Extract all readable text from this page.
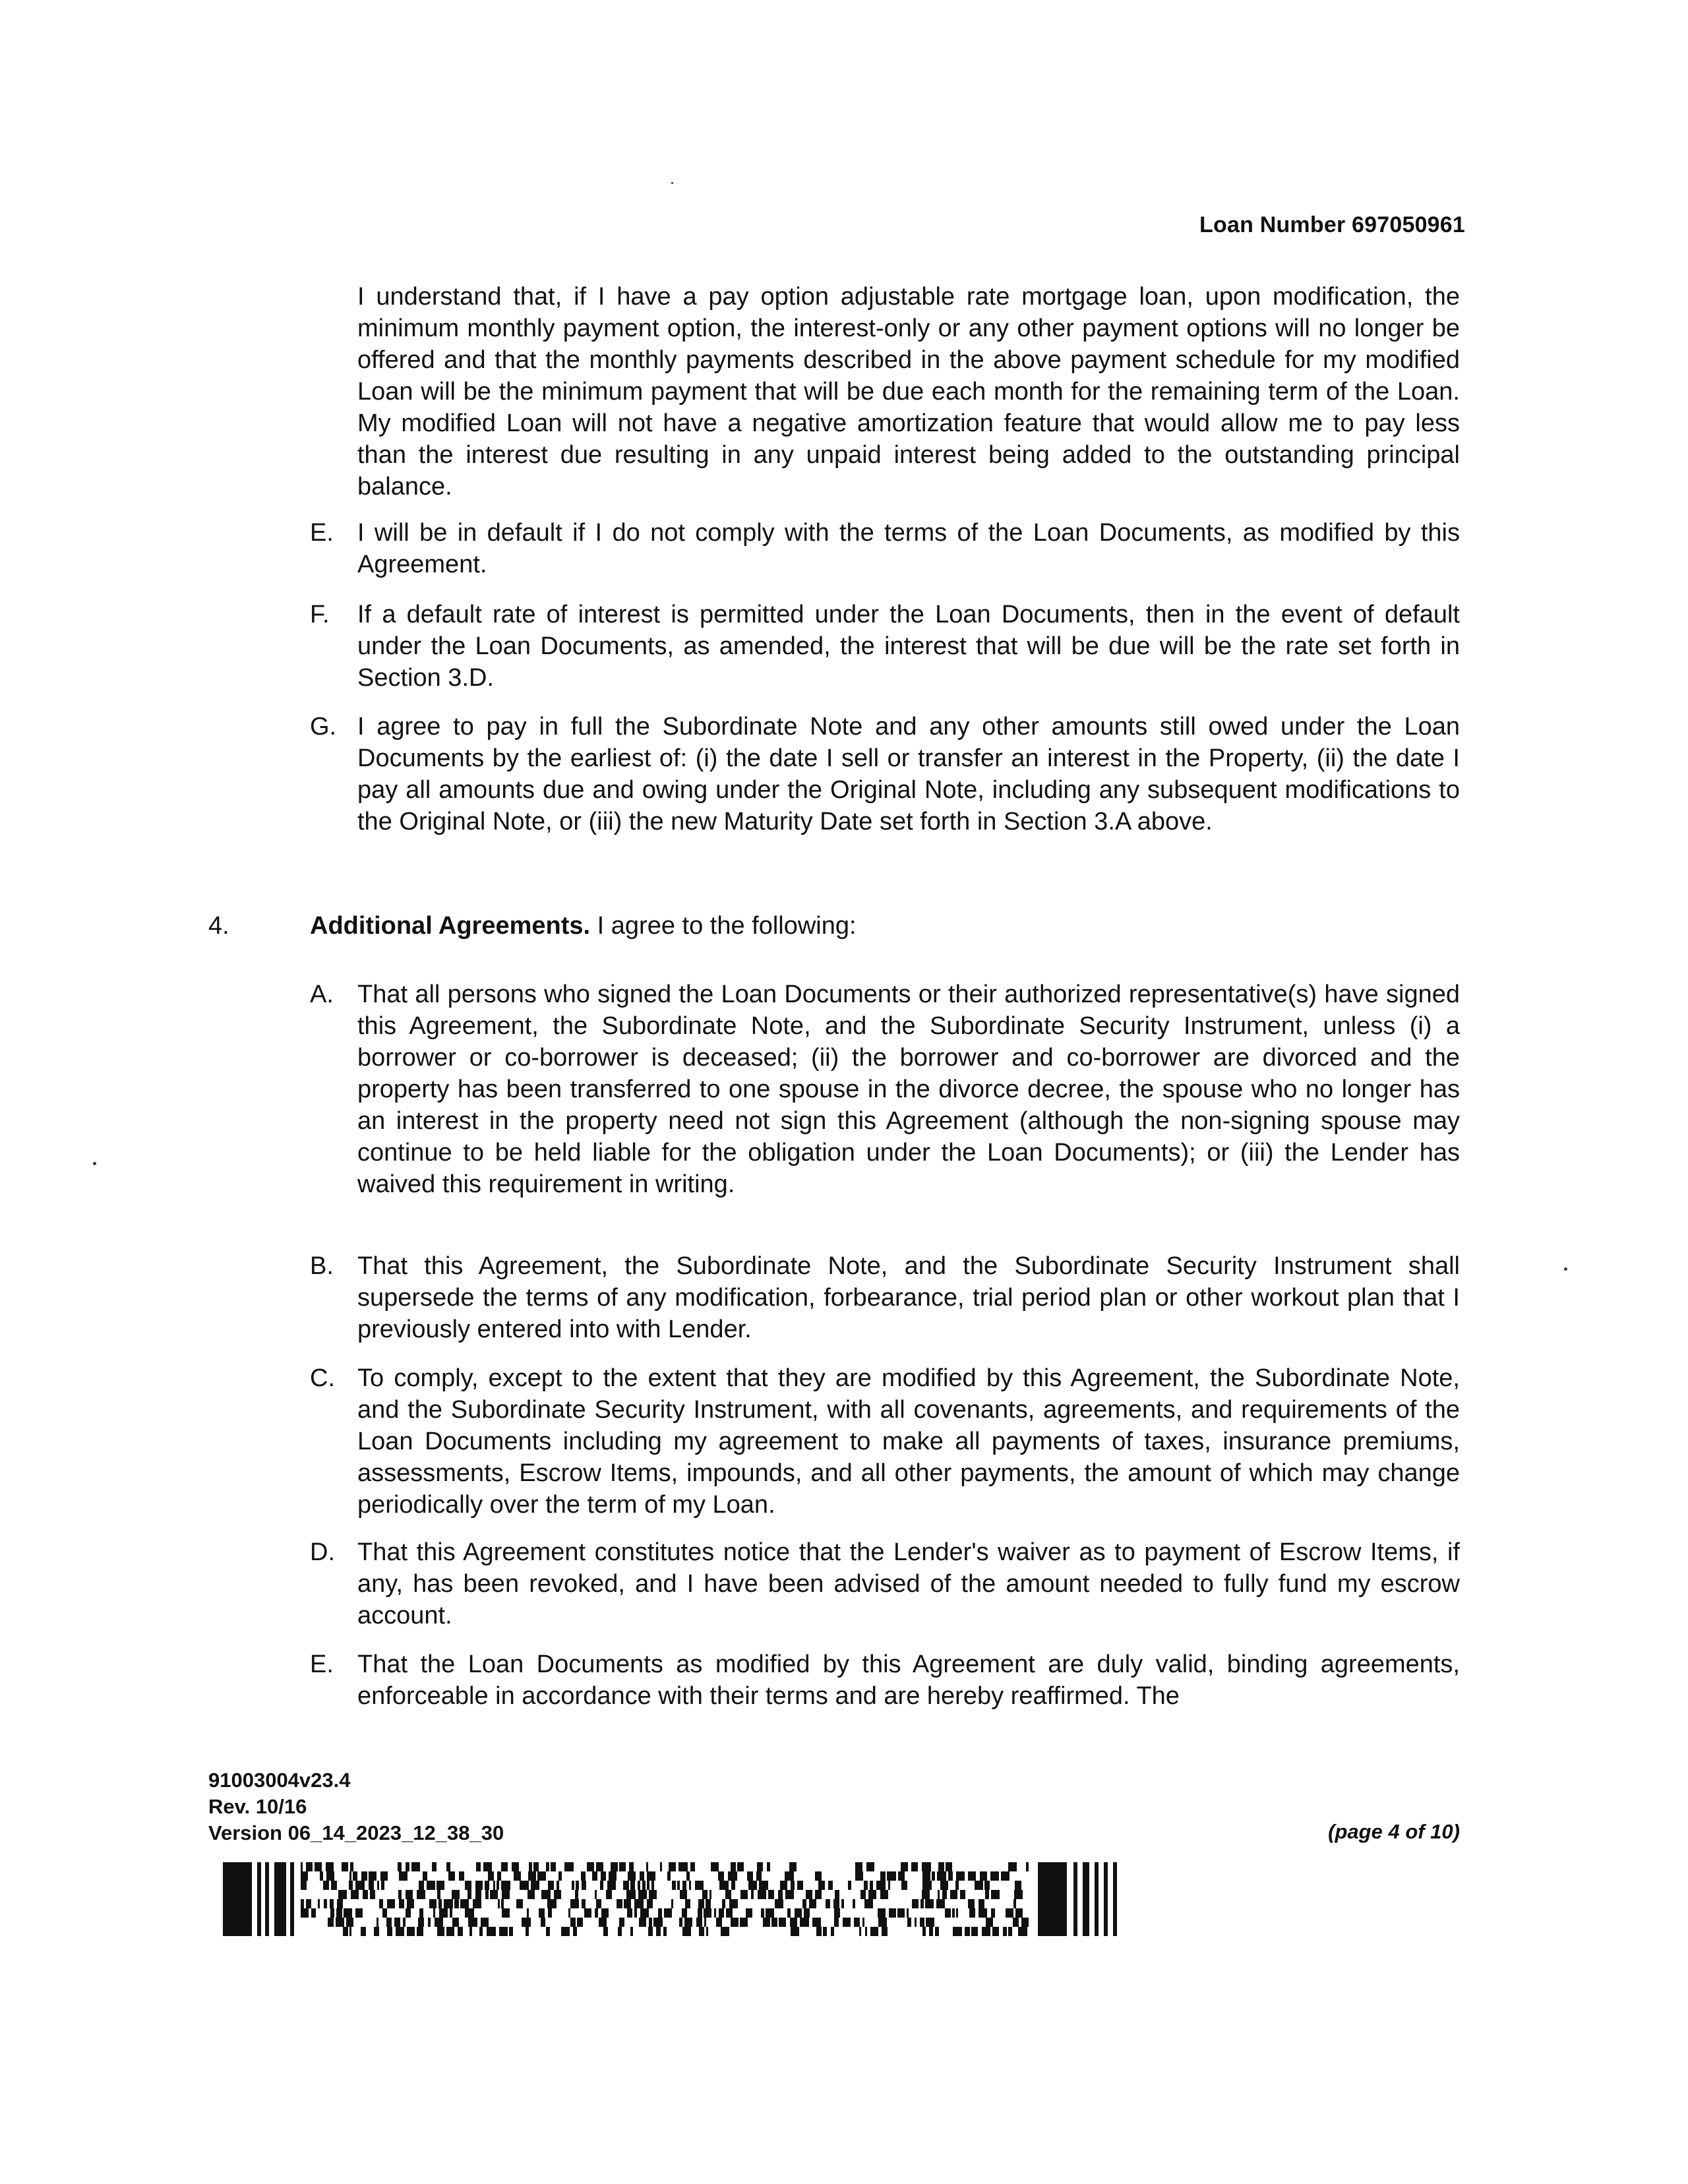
Loan Number 697050961

I understand that, if I have a pay option adjustable rate mortgage loan, upon modification, the minimum monthly payment option, the interest-only or any other payment options will no longer be offered and that the monthly payments described in the above payment schedule for my modified Loan will be the minimum payment that will be due each month for the remaining term of the Loan. My modified Loan will not have a negative amortization feature that would allow me to pay less than the interest due resulting in any unpaid interest being added to the outstanding principal balance.

E. I will be in default if I do not comply with the terms of the Loan Documents, as modified by this Agreement.

F.	If a default rate of interest is permitted under the Loan Documents, then in the event of default under the Loan Documents, as amended, the interest that will be due will be the rate set forth in Section 3.D.

G. I agree to pay in full the Subordinate Note and any other amounts still owed under the Loan Documents by the earliest of: (i) the date I sell or transfer an interest in the Property, (ii) the date I pay all amounts due and owing under the Original Note, including any subsequent modifications to the Original Note, or (iii) the new Maturity Date set forth in Section 3.A above.

4.	Additional Agreements. I agree to the following:
A. That all persons who signed the Loan Documents or their authorized representative(s) have signed this Agreement, the Subordinate Note, and the Subordinate Security Instrument, unless (i) a borrower or co-borrower is deceased; (ii) the borrower and co-borrower are divorced and the property has been transferred to one spouse in the divorce decree, the spouse who no longer has an interest in the property need not sign this Agreement (although the non-signing spouse may continue to be held liable for the obligation under the Loan Documents); or (iii) the Lender has waived this requirement in writing.

B. That this Agreement, the Subordinate Note, and the Subordinate Security Instrument shall supersede the terms of any modification, forbearance, trial period plan or other workout plan that I previously entered into with Lender.

C. To comply, except to the extent that they are modified by this Agreement, the Subordinate Note, and the Subordinate Security Instrument, with all covenants, agreements, and requirements of the Loan Documents including my agreement to make all payments of taxes, insurance premiums, assessments, Escrow Items, impounds, and all other payments, the amount of which may change periodically over the term of my Loan.

D. That this Agreement constitutes notice that the Lender's waiver as to payment of Escrow Items, if any, has been revoked, and I have been advised of the amount needed to fully fund my escrow account.

E. That the Loan Documents as modified by this Agreement are duly valid, binding agreements, enforceable in accordance with their terms and are hereby reaffirmed. The

91003004v23.4
Rev. 10/16
Version 06_14_2023_12_38_30	(page 4 of 10)
